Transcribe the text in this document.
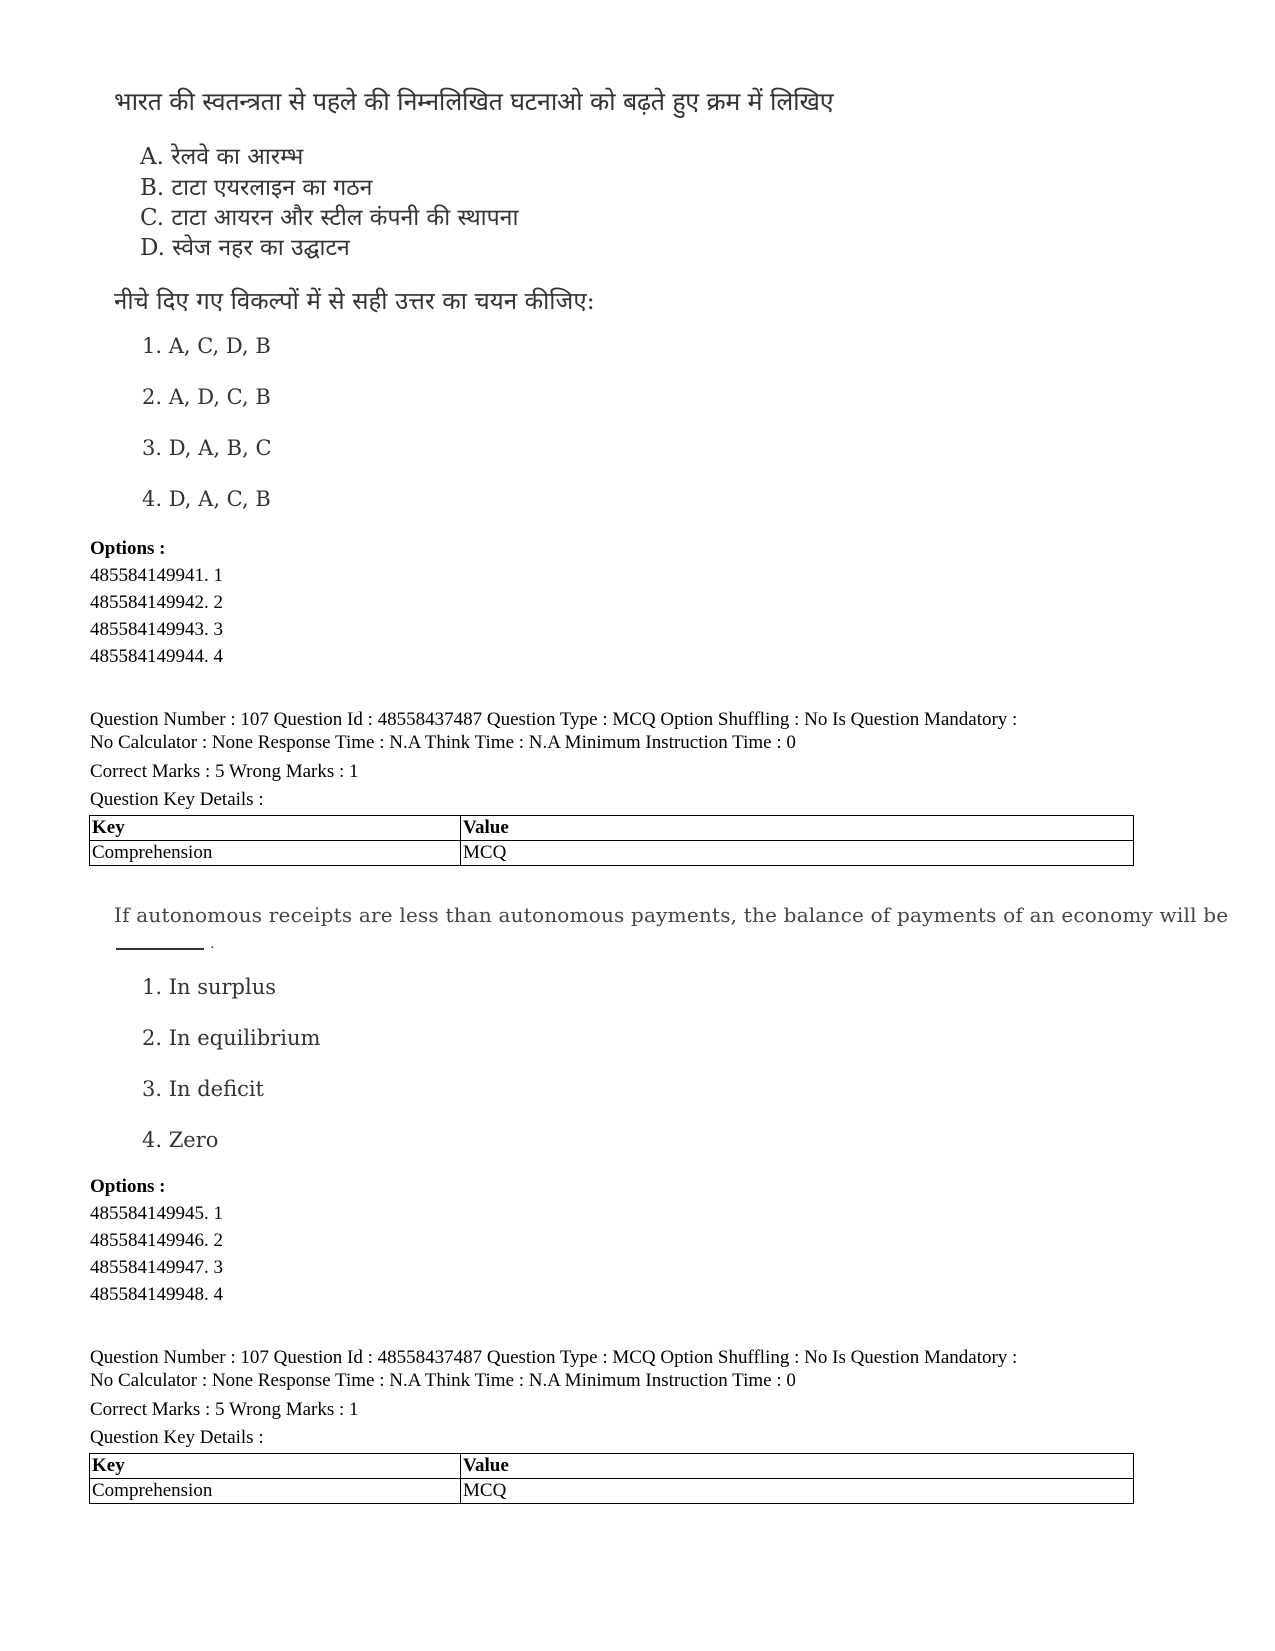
भारत की स्वतन्त्रता से पहले की निम्नलिखित घटनाओ को बढ़ते हुए क्रम में लिखिए
A. रेलवे का आरम्भ
B. टाटा एयरलाइन का गठन
C. टाटा आयरन और स्टील कंपनी की स्थापना
D. स्वेज नहर का उद्घाटन
नीचे दिए गए विकल्पों में से सही उत्तर का चयन कीजिए:
1. A, C, D, B
2. A, D, C, B
3. D, A, B, C
4. D, A, C, B
Options :
485584149941. 1
485584149942. 2
485584149943. 3
485584149944. 4
Question Number : 107 Question Id : 48558437487 Question Type : MCQ Option Shuffling : No Is Question Mandatory :
No Calculator : None Response Time : N.A Think Time : N.A Minimum Instruction Time : 0
Correct Marks : 5 Wrong Marks : 1
Question Key Details :
Key	Value
Comprehension	MCQ
If autonomous receipts are less than autonomous payments, the balance of payments of an economy will be
.
1. In surplus
2. In equilibrium
3. In deficit
4. Zero
Options :
485584149945. 1
485584149946. 2
485584149947. 3
485584149948. 4
Question Number : 107 Question Id : 48558437487 Question Type : MCQ Option Shuffling : No Is Question Mandatory :
No Calculator : None Response Time : N.A Think Time : N.A Minimum Instruction Time : 0
Correct Marks : 5 Wrong Marks : 1
Question Key Details :
Key	Value
Comprehension	MCQ
